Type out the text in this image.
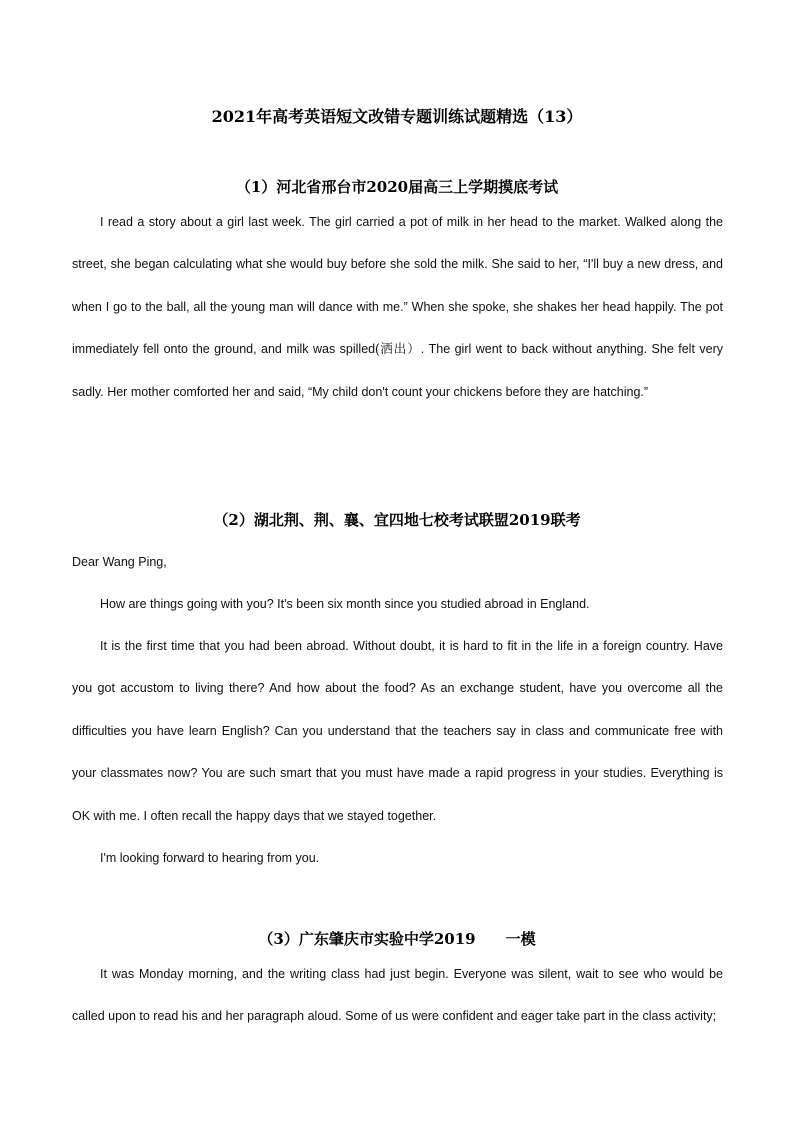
2021年高考英语短文改错专题训练试题精选（13）
（1）河北省邢台市2020届高三上学期摸底考试

I read a story about a girl last week. The girl carried a pot of milk in her head to the market. Walked along the street, she began calculating what she would buy before she sold the milk. She said to her, “I'll buy a new dress, and when I go to the ball, all the young man will dance with me.” When she spoke, she shakes her head happily. The pot immediately fell onto the ground, and milk was spilled(洒出）. The girl went to back without anything. She felt very sadly. Her mother comforted her and said, “My child don't count your chickens before they are hatching.”

（2）湖北荆、荆、襄、宜四地七校考试联盟2019联考

Dear Wang Ping,

How are things going with you? It's been six month since you studied abroad in England.

It is the first time that you had been abroad. Without doubt, it is hard to fit in the life in a foreign country. Have you got accustom to living there? And how about the food? As an exchange student, have you overcome all the difficulties you have learn English? Can you understand that the teachers say in class and communicate free with your classmates now? You are such smart that you must have made a rapid progress in your studies. Everything is OK with me. I often recall the happy days that we stayed together.

I'm looking forward to hearing from you.

（3）广东肇庆市实验中学2019　　一模

It was Monday morning, and the writing class had just begin. Everyone was silent, wait to see who would be called upon to read his and her paragraph aloud. Some of us were confident and eager take part in the class activity;
